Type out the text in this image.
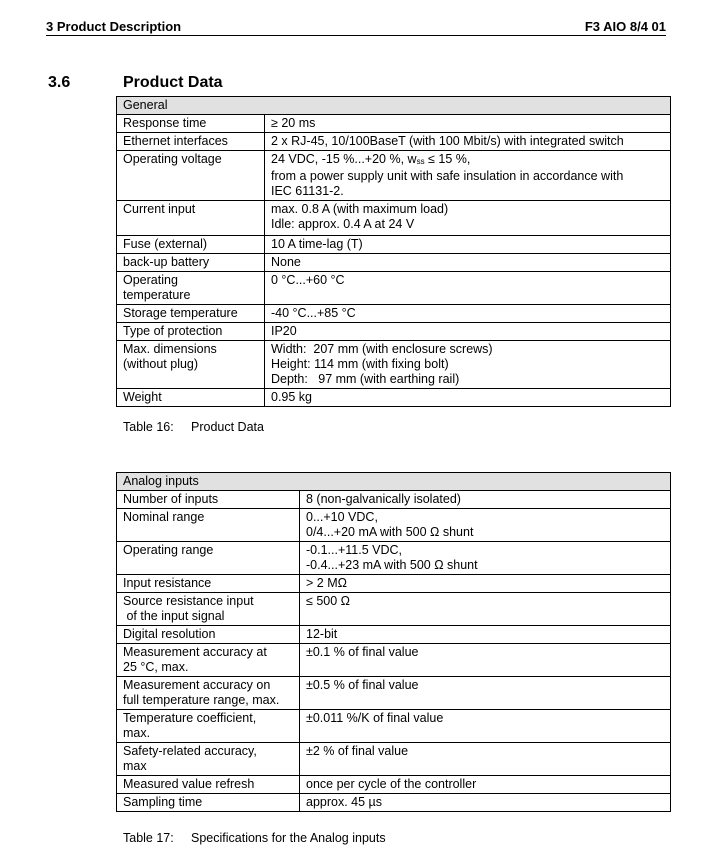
3 Product Description	F3 AIO 8/4 01
3.6	Product Data
General	
Response time	≥ 20 ms
Ethernet interfaces	2 x RJ-45, 10/100BaseT (with 100 Mbit/s) with integrated switch
Operating voltage	24 VDC, -15 %...+20 %, wss ≤ 15 %,
from a power supply unit with safe insulation in accordance with
IEC 61131-2.

Current input	max. 0.8 A (with maximum load)
Idle: approx. 0.4 A at 24 V

Fuse (external)	10 A time-lag (T)
back-up battery	None

Operating
temperature	0 °C...+60 °C
Storage temperature	-40 °C...+85 °C
Type of protection	IP20

Max. dimensions
(without plug)	Width:  207 mm (with enclosure screws)
Height: 114 mm (with fixing bolt)
Depth:   97 mm (with earthing rail)

Weight	0.95 kg
Table 16: Product Data
Analog inputs	
Number of inputs	8 (non-galvanically isolated)
Nominal range	0...+10 VDC,
0/4...+20 mA with 500 Ω shunt

Operating range	-0.1...+11.5 VDC,
-0.4...+23 mA with 500 Ω shunt

Input resistance	> 2 MΩ

Source resistance input
of the input signal	≤ 500 Ω
Digital resolution	12-bit

Measurement accuracy at
25 °C, max.	±0.1 % of final value

Measurement accuracy on
full temperature range, max.	±0.5 % of final value

Temperature coefficient,
max.	±0.011 %/K of final value

Safety-related accuracy,
max	±2 % of final value
Measured value refresh	once per cycle of the controller
Sampling time	approx. 45 µs
Table 17: Specifications for the Analog inputs
